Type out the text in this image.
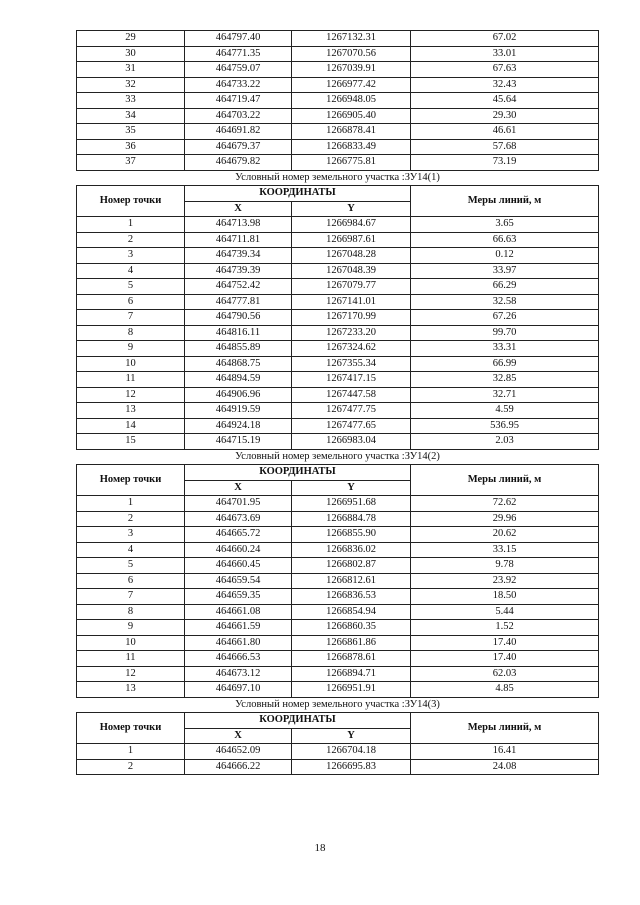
29	464797.40	1267132.31	67.02
30	464771.35	1267070.56	33.01
31	464759.07	1267039.91	67.63
32	464733.22	1266977.42	32.43
33	464719.47	1266948.05	45.64
34	464703.22	1266905.40	29.30
35	464691.82	1266878.41	46.61
36	464679.37	1266833.49	57.68
37	464679.82	1266775.81	73.19
Условный номер земельного участка :ЗУ14(1)			
Номер точки	КООРДИНАТЫ		Меры линий, м
	X	Y	
1	464713.98	1266984.67	3.65
2	464711.81	1266987.61	66.63
3	464739.34	1267048.28	0.12
4	464739.39	1267048.39	33.97
5	464752.42	1267079.77	66.29
6	464777.81	1267141.01	32.58
7	464790.56	1267170.99	67.26
8	464816.11	1267233.20	99.70
9	464855.89	1267324.62	33.31
10	464868.75	1267355.34	66.99
11	464894.59	1267417.15	32.85
12	464906.96	1267447.58	32.71
13	464919.59	1267477.75	4.59
14	464924.18	1267477.65	536.95
15	464715.19	1266983.04	2.03
Условный номер земельного участка :ЗУ14(2)			
Номер точки	КООРДИНАТЫ		Меры линий, м
	X	Y	
1	464701.95	1266951.68	72.62
2	464673.69	1266884.78	29.96
3	464665.72	1266855.90	20.62
4	464660.24	1266836.02	33.15
5	464660.45	1266802.87	9.78
6	464659.54	1266812.61	23.92
7	464659.35	1266836.53	18.50
8	464661.08	1266854.94	5.44
9	464661.59	1266860.35	1.52
10	464661.80	1266861.86	17.40
11	464666.53	1266878.61	17.40
12	464673.12	1266894.71	62.03
13	464697.10	1266951.91	4.85
Условный номер земельного участка :ЗУ14(3)			
Номер точки	КООРДИНАТЫ		Меры линий, м
	X	Y	
1	464652.09	1266704.18	16.41
2	464666.22	1266695.83	24.08
18
